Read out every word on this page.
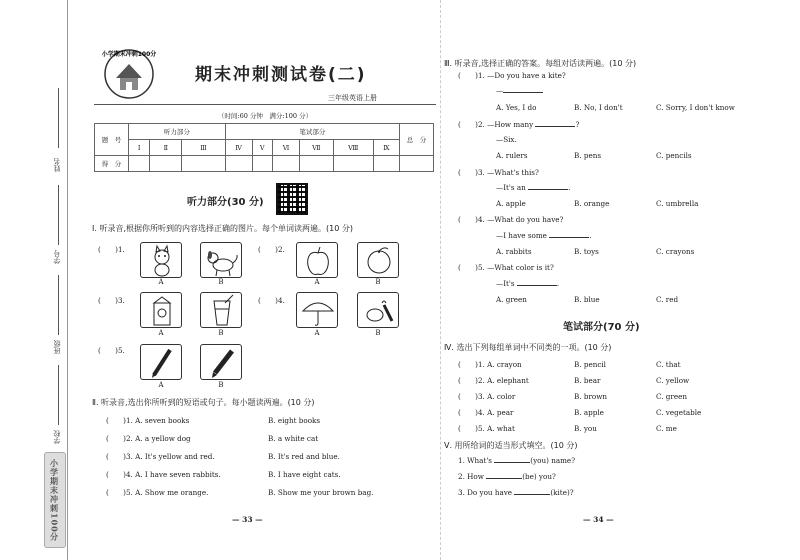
姓名
学号
班级
学校
小学期末冲刺100分
小学期末冲刺100分
期末冲刺测试卷(二)
三年级英语上册
（时间:60 分钟　满分:100 分）
题　号	听力部分			笔试部分						总　分
	Ⅰ	Ⅱ	Ⅲ	Ⅳ	Ⅴ	Ⅵ	Ⅶ	Ⅷ	Ⅸ	
得　分										
听力部分(30 分)
Ⅰ. 听录音,根据你所听到的内容选择正确的图片。每个单词读两遍。(10 分)
(　　)1.
A	B
(　　)2.
A	B
(　　)3.
A	B
(　　)4.
A	B
(　　)5.
A	B
Ⅱ. 听录音,选出你所听到的短语或句子。每小题读两遍。(10 分)
(　　)1. A. seven books	B. eight books
(　　)2. A. a yellow dog	B. a white cat
(　　)3. A. It's yellow and red.	B. It's red and blue.
(　　)4. A. I have seven rabbits.	B. I have eight cats.
(　　)5. A. Show me orange.	B. Show me your brown bag.
— 33 —
Ⅲ. 听录音,选择正确的答案。每组对话读两遍。(10 分)
(　　)1. —Do you have a kite?
—
A. Yes, I do	B. No, I don't	C. Sorry, I don't know
(　　)2. —How many	?
—Six.
A. rulers	B. pens	C. pencils
(　　)3. —What's this?
—It's an	.
A. apple	B. orange	C. umbrella
(　　)4. —What do you have?
—I have some	.
A. rabbits	B. toys	C. crayons
(　　)5. —What color is it?
—It's	.
A. green	B. blue	C. red
笔试部分(70 分)
Ⅳ. 选出下列每组单词中不同类的一项。(10 分)
(　　)1. A. crayon	B. pencil	C. that
(　　)2. A. elephant	B. bear	C. yellow
(　　)3. A. color	B. brown	C. green
(　　)4. A. pear	B. apple	C. vegetable
(　　)5. A. what	B. you	C. me
Ⅴ. 用所给词的适当形式填空。(10 分)
1. What's	(you) name?
2. How	(be) you?
3. Do you have	(kite)?
— 34 —
